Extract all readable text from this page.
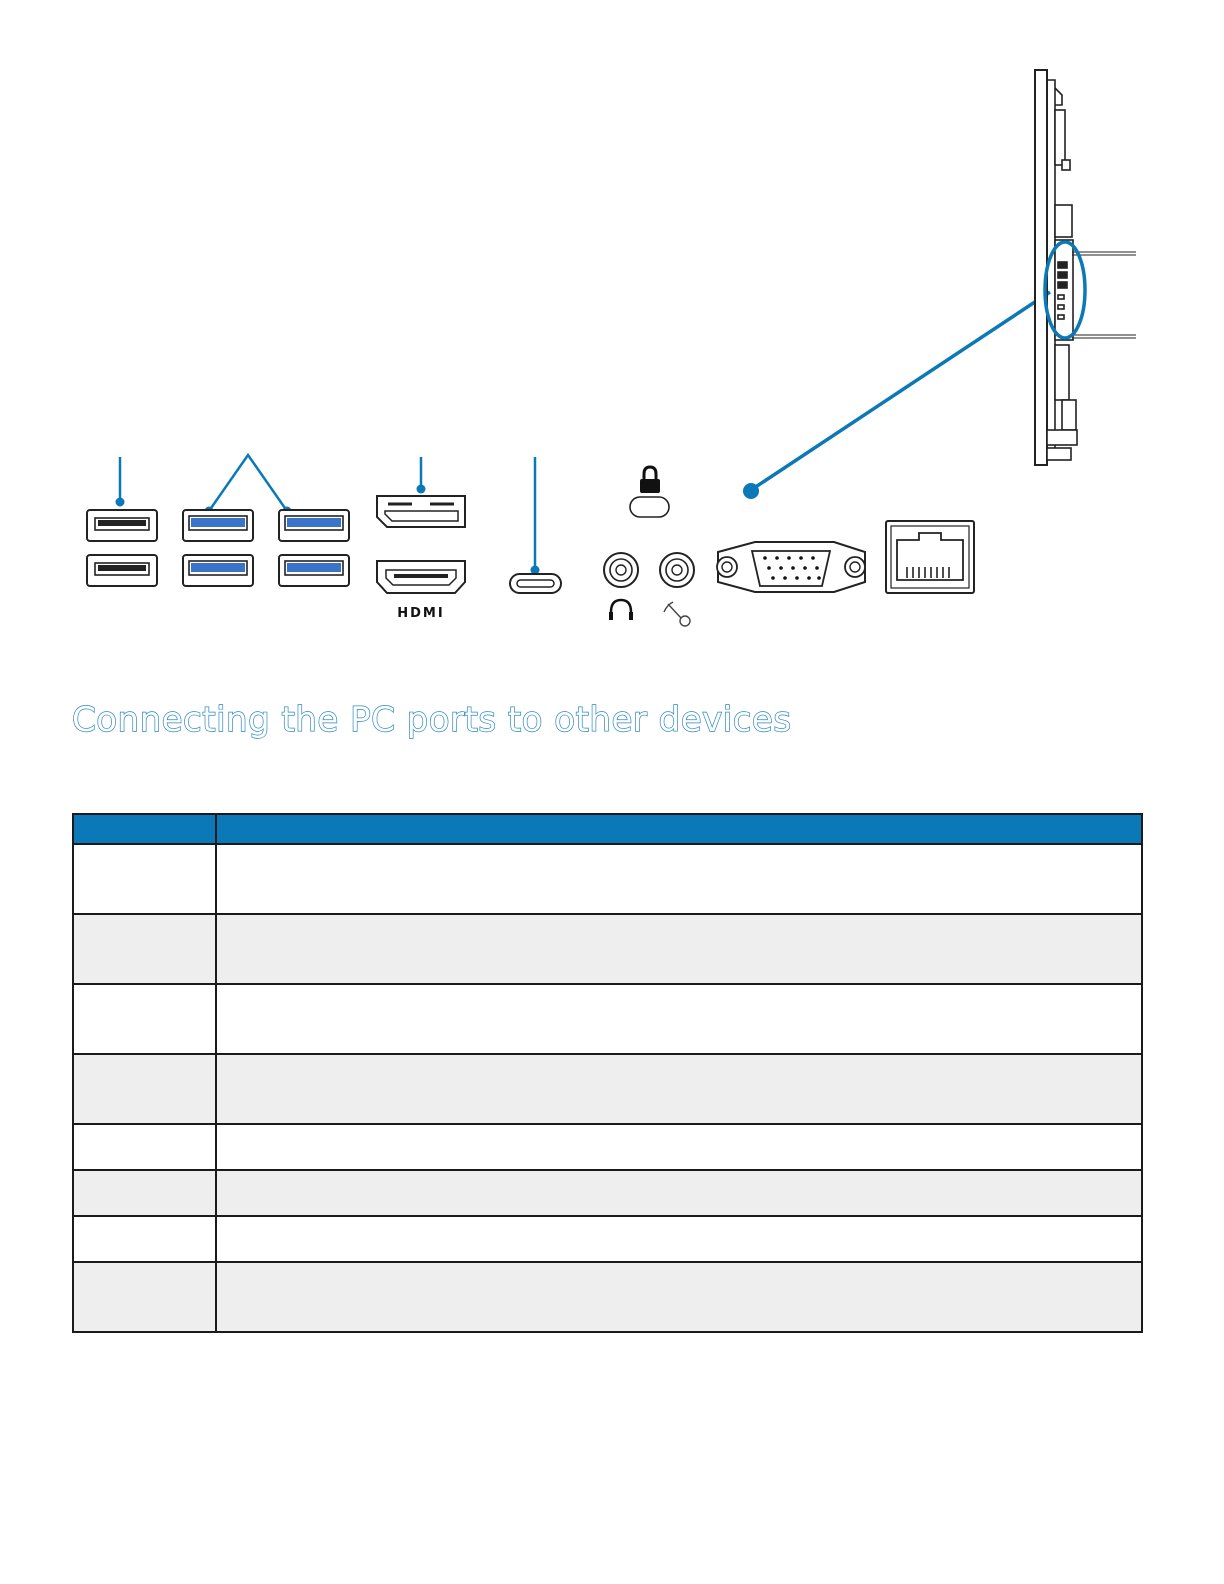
HDMI
Connecting the PC ports to other devices
